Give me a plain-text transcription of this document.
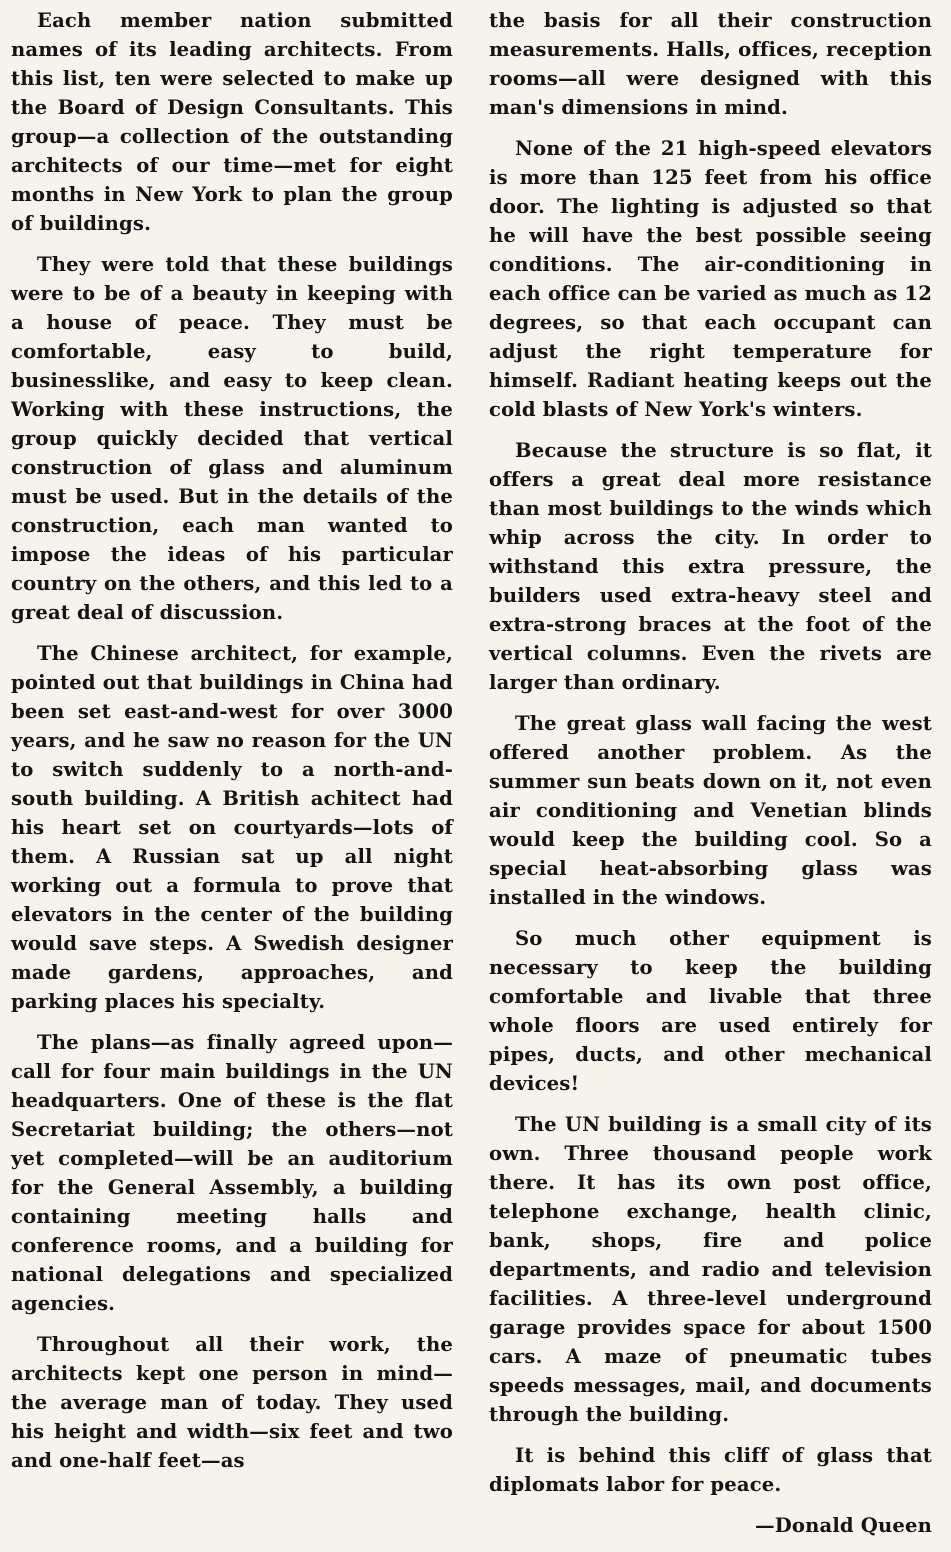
Each member nation submitted names of its leading architects. From this list, ten were selected to make up the Board of Design Consultants. This group—a collection of the outstanding architects of our time—met for eight months in New York to plan the group of buildings.

They were told that these buildings were to be of a beauty in keeping with a house of peace. They must be comfortable, easy to build, businesslike, and easy to keep clean. Working with these instructions, the group quickly decided that vertical construction of glass and aluminum must be used. But in the details of the construction, each man wanted to impose the ideas of his particular country on the others, and this led to a great deal of discussion.

The Chinese architect, for example, pointed out that buildings in China had been set east-and-west for over 3000 years, and he saw no reason for the UN to switch suddenly to a north-and-south building. A British achitect had his heart set on courtyards—lots of them. A Russian sat up all night working out a formula to prove that elevators in the center of the building would save steps. A Swedish designer made gardens, approaches, and parking places his specialty.

The plans—as finally agreed upon—call for four main buildings in the UN headquarters. One of these is the flat Secretariat building; the others—not yet completed—will be an auditorium for the General Assembly, a building containing meeting halls and conference rooms, and a building for national delegations and specialized agencies.

Throughout all their work, the architects kept one person in mind—the average man of today. They used his height and width—six feet and two and one-half feet—as

the basis for all their construction measurements. Halls, offices, reception rooms—all were designed with this man's dimensions in mind.

None of the 21 high-speed elevators is more than 125 feet from his office door. The lighting is adjusted so that he will have the best possible seeing conditions. The air-conditioning in each office can be varied as much as 12 degrees, so that each occupant can adjust the right temperature for himself. Radiant heating keeps out the cold blasts of New York's winters.

Because the structure is so flat, it offers a great deal more resistance than most buildings to the winds which whip across the city. In order to withstand this extra pressure, the builders used extra-heavy steel and extra-strong braces at the foot of the vertical columns. Even the rivets are larger than ordinary.

The great glass wall facing the west offered another problem. As the summer sun beats down on it, not even air conditioning and Venetian blinds would keep the building cool. So a special heat-absorbing glass was installed in the windows.

So much other equipment is necessary to keep the building comfortable and livable that three whole floors are used entirely for pipes, ducts, and other mechanical devices!

The UN building is a small city of its own. Three thousand people work there. It has its own post office, telephone exchange, health clinic, bank, shops, fire and police departments, and radio and television facilities. A three-level underground garage provides space for about 1500 cars. A maze of pneumatic tubes speeds messages, mail, and documents through the building.

It is behind this cliff of glass that diplomats labor for peace.

—Donald Queen
